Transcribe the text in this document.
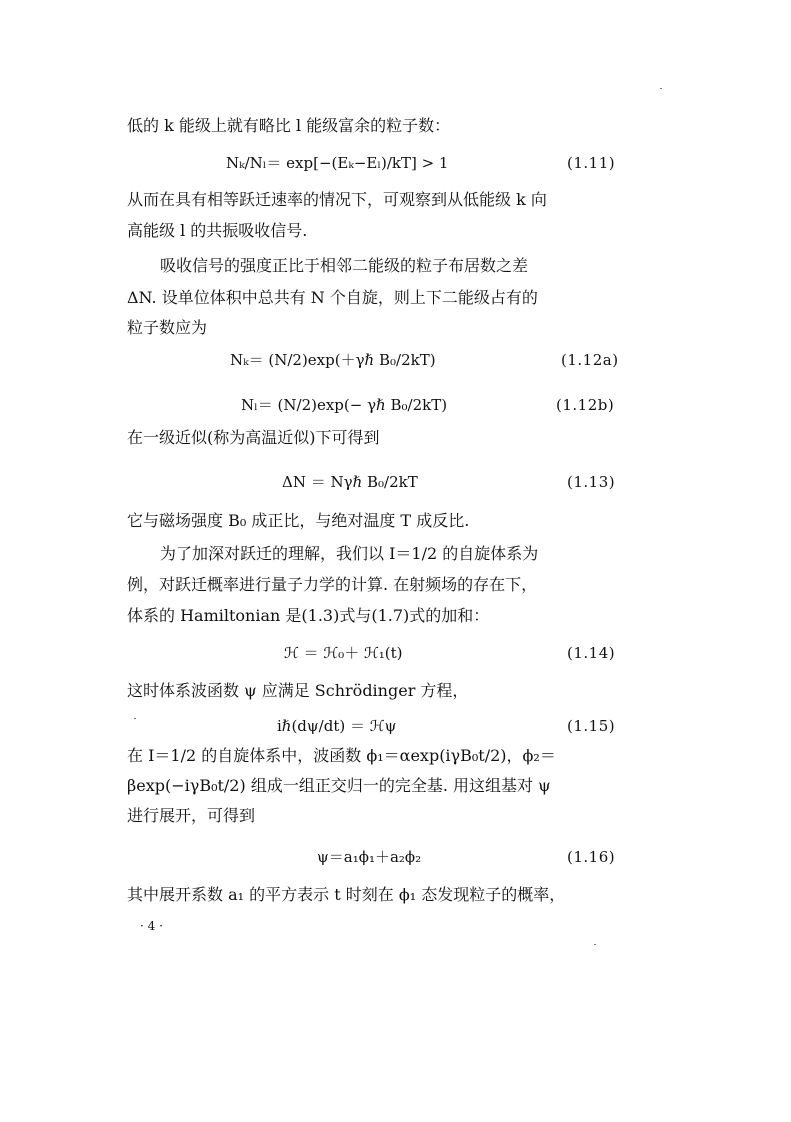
低的 k 能级上就有略比 l 能级富余的粒子数：
Nₖ/Nₗ＝ exp[−(Eₖ−Eₗ)/kT] > 1	(1.11)
从而在具有相等跃迁速率的情况下，可观察到从低能级 k 向
高能级 l 的共振吸收信号.
吸收信号的强度正比于相邻二能级的粒子布居数之差
ΔN. 设单位体积中总共有 N 个自旋，则上下二能级占有的
粒子数应为
Nₖ＝ (N/2)exp(＋γℏ B₀/2kT)	(1.12a)
Nₗ＝ (N/2)exp(− γℏ B₀/2kT)	(1.12b)
在一级近似(称为高温近似)下可得到
ΔN ＝ Nγℏ B₀/2kT	(1.13)
它与磁场强度 B₀ 成正比，与绝对温度 T 成反比.
为了加深对跃迁的理解，我们以 I＝1/2 的自旋体系为
例，对跃迁概率进行量子力学的计算. 在射频场的存在下，
体系的 Hamiltonian 是(1.3)式与(1.7)式的加和：
ℋ ＝ ℋ₀＋ ℋ₁(t)	(1.14)
这时体系波函数 ψ 应满足 Schrödinger 方程，
iℏ(dψ/dt) ＝ ℋψ	(1.15)
在 I＝1/2 的自旋体系中，波函数 ϕ₁＝αexp(iγB₀t/2)，ϕ₂＝
βexp(−iγB₀t/2) 组成一组正交归一的完全基. 用这组基对 ψ
进行展开，可得到
ψ＝a₁ϕ₁＋a₂ϕ₂	(1.16)
其中展开系数 a₁ 的平方表示 t 时刻在 ϕ₁ 态发现粒子的概率，
· 4 ·
